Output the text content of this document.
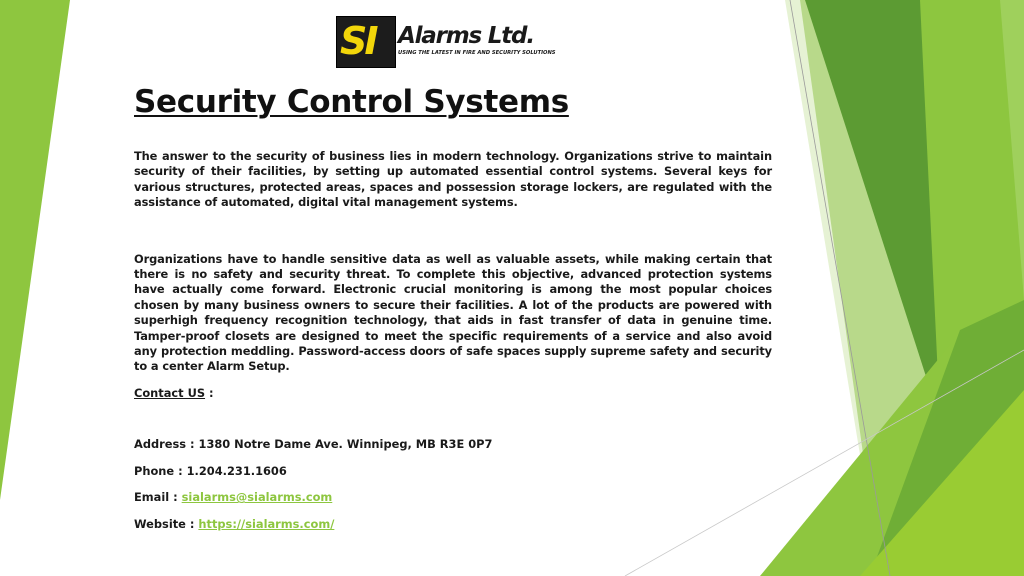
SI Alarms Ltd.
USING THE LATEST IN FIRE AND SECURITY SOLUTIONS
Security Control Systems

The answer to the security of business lies in modern technology. Organizations strive to maintain security of their facilities, by setting up automated essential control systems. Several keys for various structures, protected areas, spaces and possession storage lockers, are regulated with the assistance of automated, digital vital management systems.

Organizations have to handle sensitive data as well as valuable assets, while making certain that there is no safety and security threat. To complete this objective, advanced protection systems have actually come forward. Electronic crucial monitoring is among the most popular choices chosen by many business owners to secure their facilities. A lot of the products are powered with superhigh frequency recognition technology, that aids in fast transfer of data in genuine time. Tamper-proof closets are designed to meet the specific requirements of a service and also avoid any protection meddling. Password-access doors of safe spaces supply supreme safety and security to a center Alarm Setup.

Contact US :

Address : 1380 Notre Dame Ave. Winnipeg, MB R3E 0P7

Phone : 1.204.231.1606

Email : sialarms@sialarms.com

Website : https://sialarms.com/
